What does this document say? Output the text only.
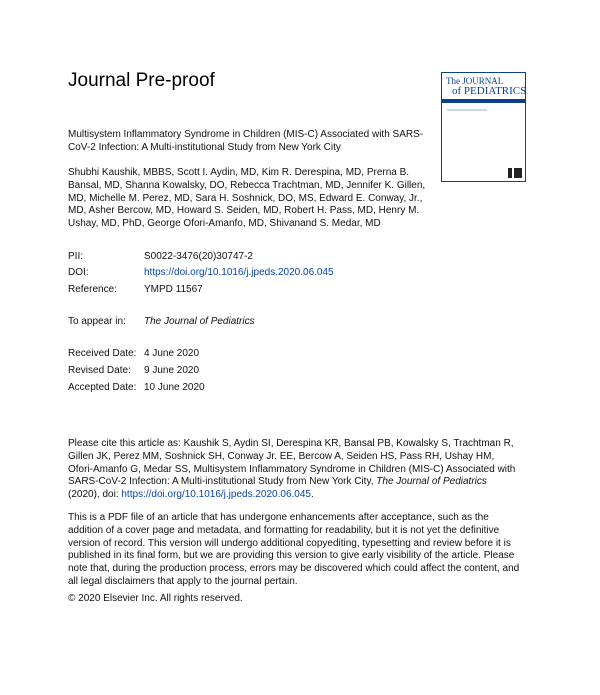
Journal Pre-proof	The JOURNAL
of PEDIATRICS
Multisystem Inflammatory Syndrome in Children (MIS-C) Associated with SARS-CoV-2 Infection: A Multi-institutional Study from New York City
Shubhi Kaushik, MBBS, Scott I. Aydin, MD, Kim R. Derespina, MD, Prerna B. Bansal, MD, Shanna Kowalsky, DO, Rebecca Trachtman, MD, Jennifer K. Gillen, MD, Michelle M. Perez, MD, Sara H. Soshnick, DO, MS, Edward E. Conway, Jr., MD, Asher Bercow, MD, Howard S. Seiden, MD, Robert H. Pass, MD, Henry M. Ushay, MD, PhD, George Ofori-Amanfo, MD, Shivanand S. Medar, MD
PII:	S0022-3476(20)30747-2
DOI:	https://doi.org/10.1016/j.jpeds.2020.06.045
Reference:	YMPD 11567
To appear in: The Journal of Pediatrics
Received Date: 4 June 2020
Revised Date: 9 June 2020
Accepted Date: 10 June 2020
Please cite this article as: Kaushik S, Aydin SI, Derespina KR, Bansal PB, Kowalsky S, Trachtman R, Gillen JK, Perez MM, Soshnick SH, Conway Jr. EE, Bercow A, Seiden HS, Pass RH, Ushay HM, Ofori-Amanfo G, Medar SS, Multisystem Inflammatory Syndrome in Children (MIS-C) Associated with SARS-CoV-2 Infection: A Multi-institutional Study from New York City, The Journal of Pediatrics (2020), doi: https://doi.org/10.1016/j.jpeds.2020.06.045.
This is a PDF file of an article that has undergone enhancements after acceptance, such as the addition of a cover page and metadata, and formatting for readability, but it is not yet the definitive version of record. This version will undergo additional copyediting, typesetting and review before it is published in its final form, but we are providing this version to give early visibility of the article. Please note that, during the production process, errors may be discovered which could affect the content, and all legal disclaimers that apply to the journal pertain.
© 2020 Elsevier Inc. All rights reserved.
